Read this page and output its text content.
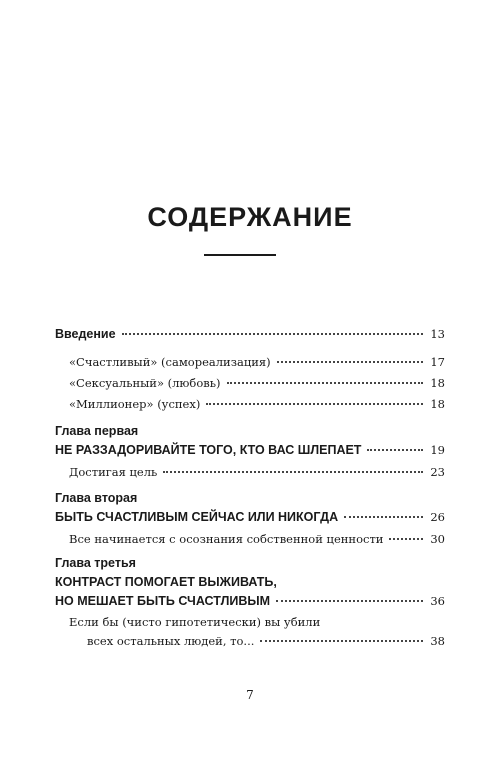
СОДЕРЖАНИЕ
Введение	13
«Счастливый» (самореализация)	17
«Сексуальный» (любовь)	18
«Миллионер» (успех)	18
Глава первая
НЕ РАЗЗАДОРИВАЙТЕ ТОГО, КТО ВАС ШЛЕПАЕТ	19
Достигая цель	23
Глава вторая
БЫТЬ СЧАСТЛИВЫМ СЕЙЧАС ИЛИ НИКОГДА	26
Все начинается с осознания собственной ценности	30
Глава третья
КОНТРАСТ ПОМОГАЕТ ВЫЖИВАТЬ,
НО МЕШАЕТ БЫТЬ СЧАСТЛИВЫМ	36
Если бы (чисто гипотетически) вы убили
всех остальных людей, то...	38
7
